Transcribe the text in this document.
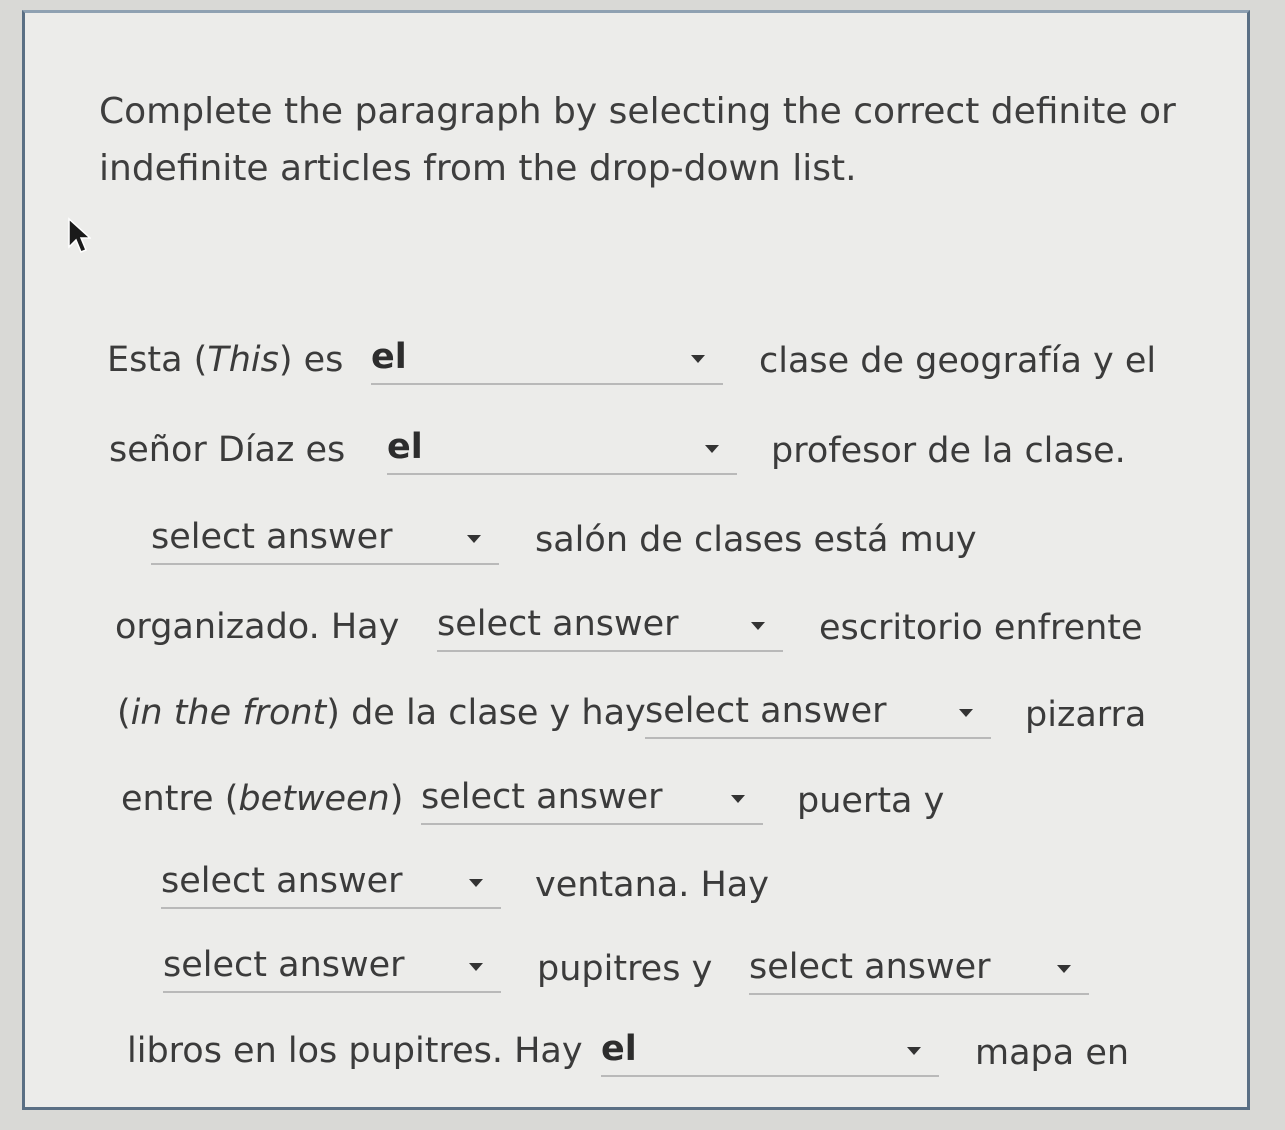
Complete the paragraph by selecting the correct definite or indefinite articles from the drop-down list.
Esta (This) es el	clase de geografía y el
señor Díaz es el	profesor de la clase.
select answer	salón de clases está muy
organizado. Hay select answer	escritorio enfrente
(in the front) de la clase y hay select answer	pizarra
entre (between) select answer	puerta y
select answer	ventana. Hay
select answer	pupitres y select answer
libros en los pupitres. Hay el	mapa en
